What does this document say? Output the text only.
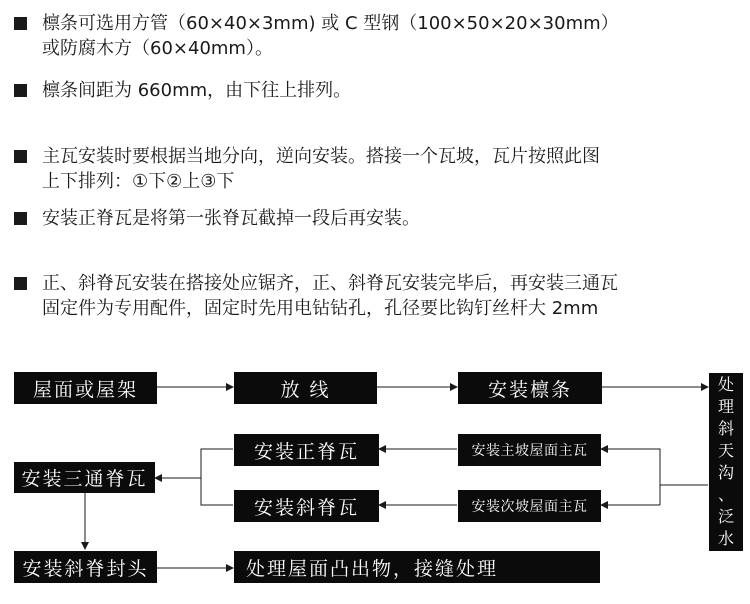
檩条可选用方管（60×40×3mm) 或 C 型钢（100×50×20×30mm）
或防腐木方（60×40mm）。
檩条间距为 660mm，由下往上排列。
主瓦安装时要根据当地分向，逆向安装。搭接一个瓦坡，瓦片按照此图
上下排列：①下②上③下
安装正脊瓦是将第一张脊瓦截掉一段后再安装。
正、斜脊瓦安装在搭接处应锯齐，正、斜脊瓦安装完毕后，再安装三通瓦
固定件为专用配件，固定时先用电钻钻孔，孔径要比钩钉丝杆大 2mm
屋面或屋架	放 线	安装檩条	处
理
斜
天
沟
、
泛
水
安装正脊瓦	安装主坡屋面主瓦
安装三通脊瓦
安装斜脊瓦	安装次坡屋面主瓦
安装斜脊封头	处理屋面凸出物，接缝处理
